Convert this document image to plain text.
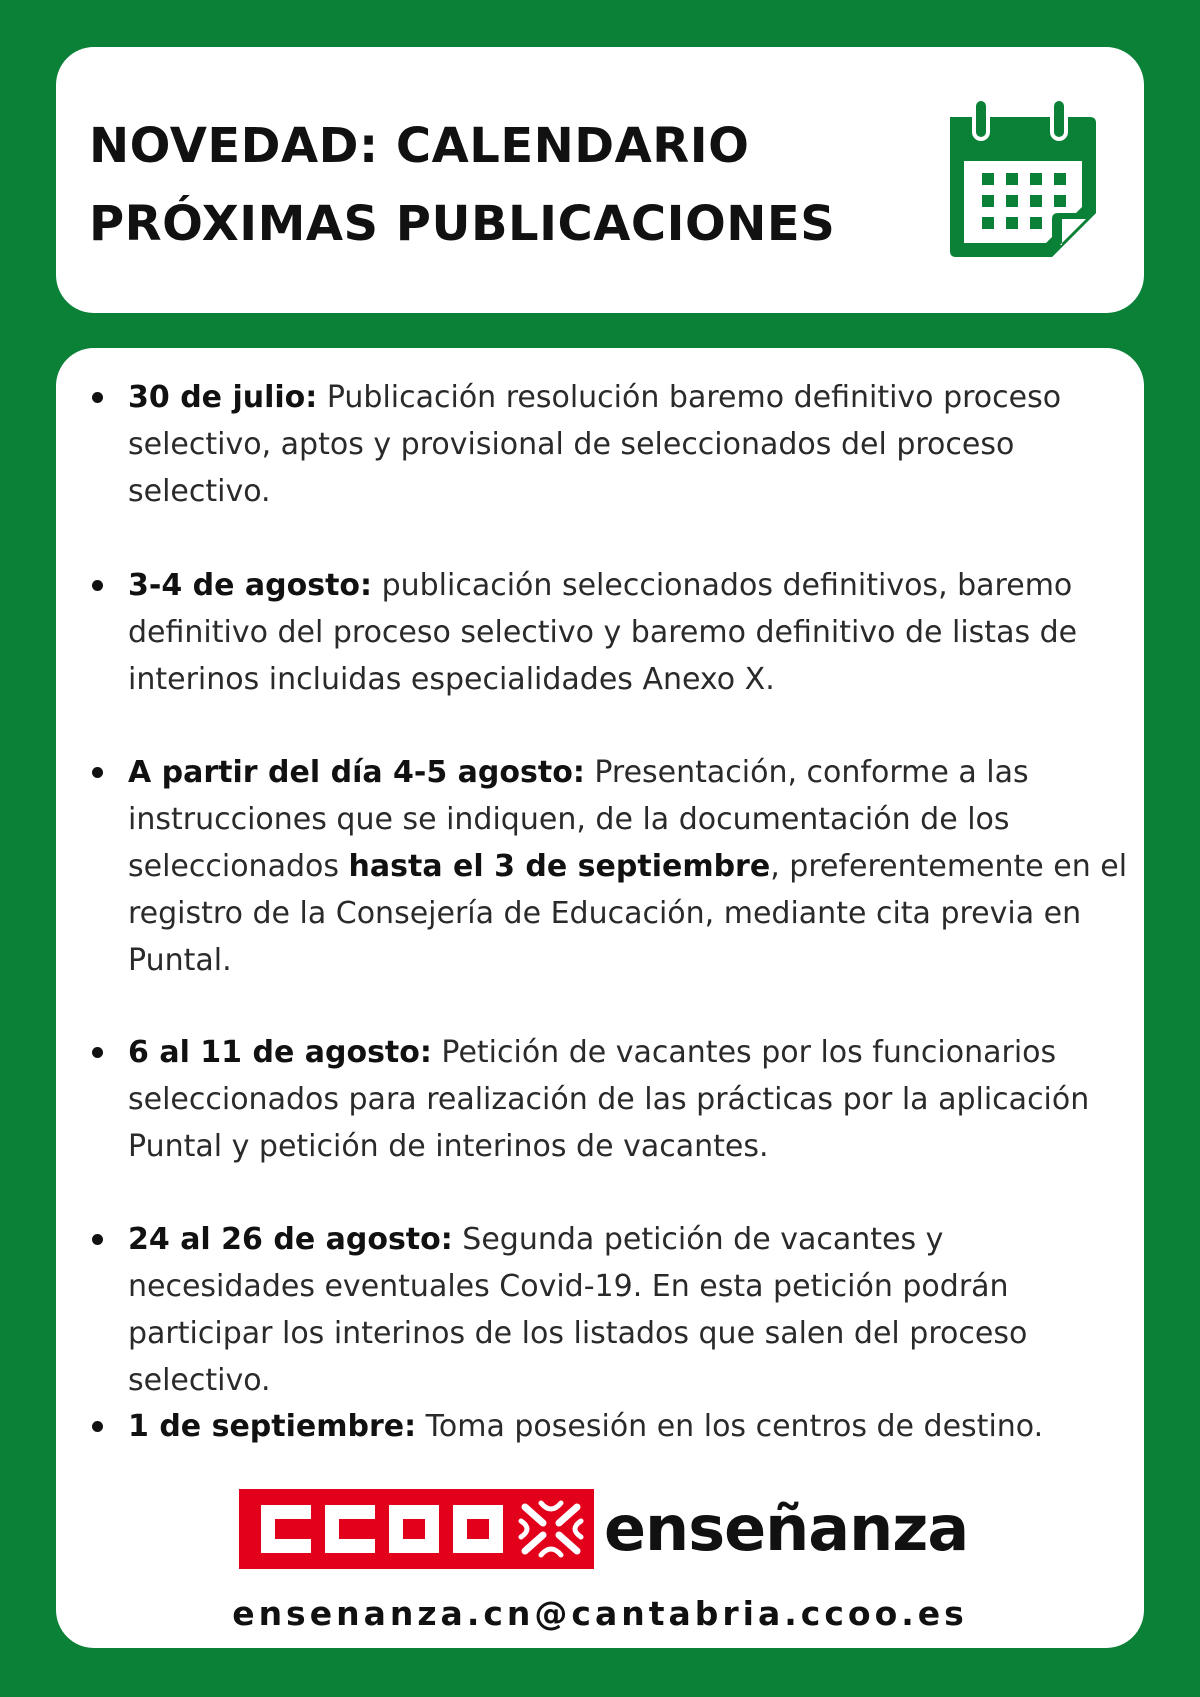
NOVEDAD: CALENDARIO
PRÓXIMAS PUBLICACIONES
30 de julio: Publicación resolución baremo definitivo proceso selectivo, aptos y provisional de seleccionados del proceso selectivo.
3-4 de agosto: publicación seleccionados definitivos, baremo definitivo del proceso selectivo y baremo definitivo de listas de interinos incluidas especialidades Anexo X.
A partir del día 4-5 agosto: Presentación, conforme a las instrucciones que se indiquen, de la documentación de los seleccionados hasta el 3 de septiembre, preferentemente en el registro de la Consejería de Educación, mediante cita previa en Puntal.
6 al 11 de agosto: Petición de vacantes por los funcionarios seleccionados para realización de las prácticas por la aplicación Puntal y petición de interinos de vacantes.
24 al 26 de agosto: Segunda petición de vacantes y necesidades eventuales Covid-19. En esta petición podrán participar los interinos de los listados que salen del proceso selectivo.
1 de septiembre: Toma posesión en los centros de destino.
enseñanza
ensenanza.cn@cantabria.ccoo.es
